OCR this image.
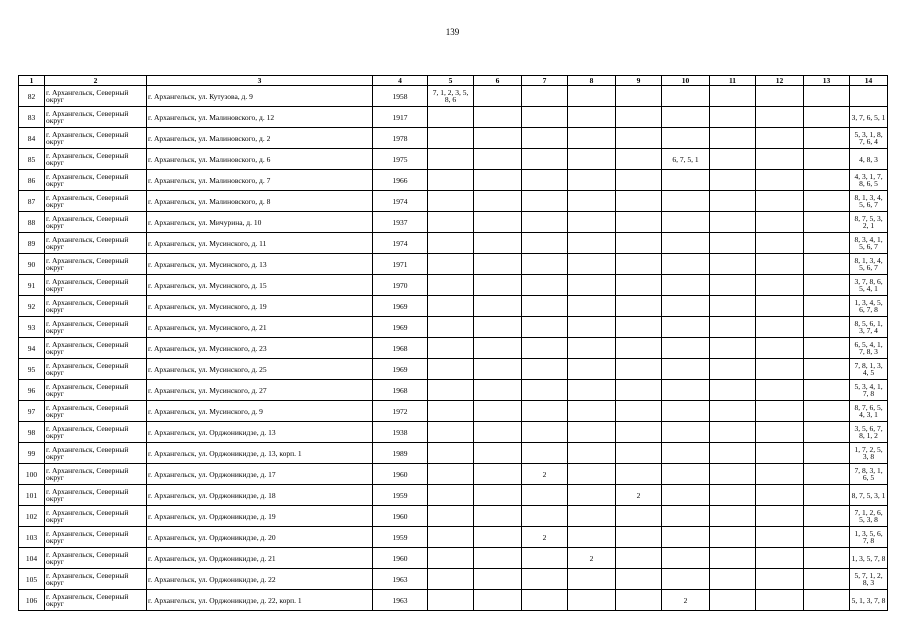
139
1	2	3	4	5	6	7	8	9	10	11	12	13	14
82	г. Архангельск, Северный округ	г. Архангельск, ул. Кутузова, д. 9	1958	7, 1, 2, 3, 5, 8, 6									
83	г. Архангельск, Северный округ	г. Архангельск, ул. Малиновского, д. 12	1917										3, 7, 6, 5, 1
84	г. Архангельск, Северный округ	г. Архангельск, ул. Малиновского, д. 2	1978										5, 3, 1, 8, 7, 6, 4
85	г. Архангельск, Северный округ	г. Архангельск, ул. Малиновского, д. 6	1975						6, 7, 5, 1				4, 8, 3
86	г. Архангельск, Северный округ	г. Архангельск, ул. Малиновского, д. 7	1966										4, 3, 1, 7, 8, 6, 5
87	г. Архангельск, Северный округ	г. Архангельск, ул. Малиновского, д. 8	1974										8, 1, 3, 4, 5, 6, 7
88	г. Архангельск, Северный округ	г. Архангельск, ул. Мичурина, д. 10	1937										8, 7, 5, 3, 2, 1
89	г. Архангельск, Северный округ	г. Архангельск, ул. Мусинского, д. 11	1974										8, 3, 4, 1, 5, 6, 7
90	г. Архангельск, Северный округ	г. Архангельск, ул. Мусинского, д. 13	1971										8, 1, 3, 4, 5, 6, 7
91	г. Архангельск, Северный округ	г. Архангельск, ул. Мусинского, д. 15	1970										3, 7, 8, 6, 5, 4, 1
92	г. Архангельск, Северный округ	г. Архангельск, ул. Мусинского, д. 19	1969										1, 3, 4, 5, 6, 7, 8
93	г. Архангельск, Северный округ	г. Архангельск, ул. Мусинского, д. 21	1969										8, 5, 6, 1, 3, 7, 4
94	г. Архангельск, Северный округ	г. Архангельск, ул. Мусинского, д. 23	1968										6, 5, 4, 1, 7, 8, 3
95	г. Архангельск, Северный округ	г. Архангельск, ул. Мусинского, д. 25	1969										7, 8, 1, 3, 4, 5
96	г. Архангельск, Северный округ	г. Архангельск, ул. Мусинского, д. 27	1968										5, 3, 4, 1, 7, 8
97	г. Архангельск, Северный округ	г. Архангельск, ул. Мусинского, д. 9	1972										8, 7, 6, 5, 4, 3, 1
98	г. Архангельск, Северный округ	г. Архангельск, ул. Орджоникидзе, д. 13	1938										3, 5, 6, 7, 8, 1, 2
99	г. Архангельск, Северный округ	г. Архангельск, ул. Орджоникидзе, д. 13, корп. 1	1989										1, 7, 2, 5, 3, 8
100	г. Архангельск, Северный округ	г. Архангельск, ул. Орджоникидзе, д. 17	1960			2							7, 8, 3, 1, 6, 5
101	г. Архангельск, Северный округ	г. Архангельск, ул. Орджоникидзе, д. 18	1959					2					8, 7, 5, 3, 1
102	г. Архангельск, Северный округ	г. Архангельск, ул. Орджоникидзе, д. 19	1960										7, 1, 2, 6, 5, 3, 8
103	г. Архангельск, Северный округ	г. Архангельск, ул. Орджоникидзе, д. 20	1959			2							1, 3, 5, 6, 7, 8
104	г. Архангельск, Северный округ	г. Архангельск, ул. Орджоникидзе, д. 21	1960				2						1, 3, 5, 7, 8
105	г. Архангельск, Северный округ	г. Архангельск, ул. Орджоникидзе, д. 22	1963										5, 7, 1, 2, 8, 3
106	г. Архангельск, Северный округ	г. Архангельск, ул. Орджоникидзе, д. 22, корп. 1	1963						2				5, 1, 3, 7, 8
